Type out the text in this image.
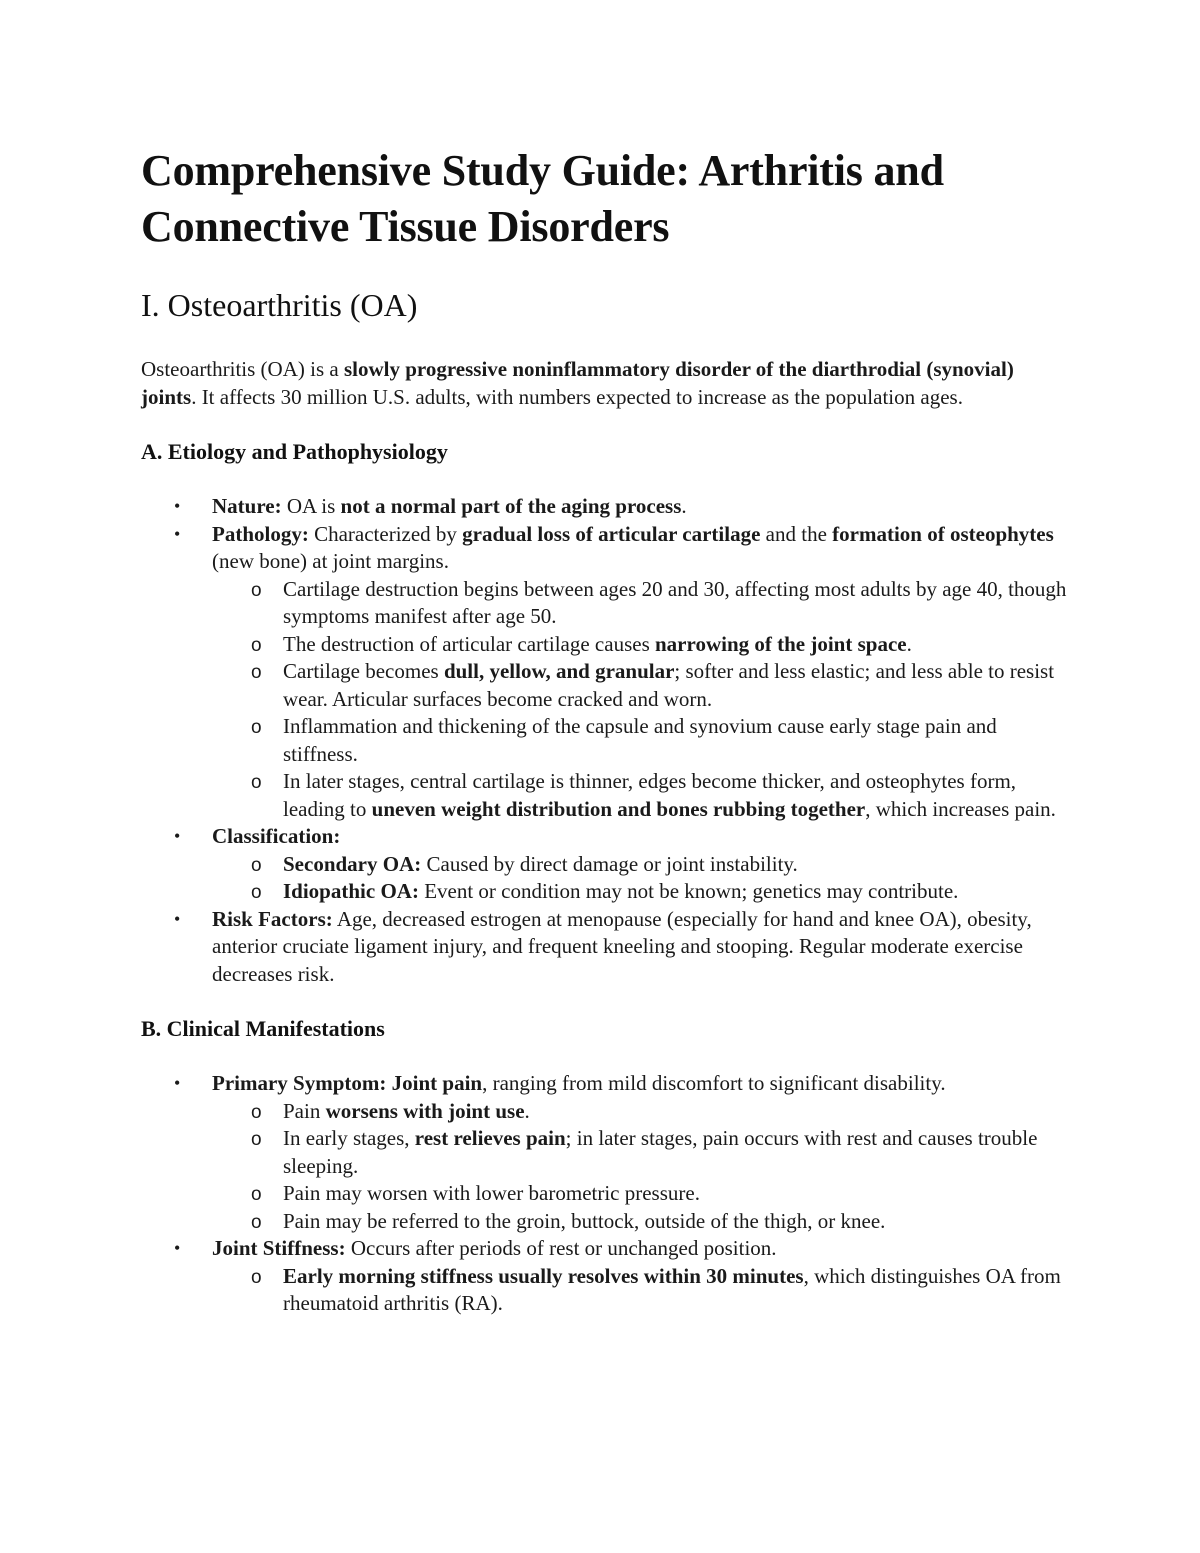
Comprehensive Study Guide: Arthritis and Connective Tissue Disorders
I. Osteoarthritis (OA)

Osteoarthritis (OA) is a slowly progressive noninflammatory disorder of the diarthrodial (synovial) joints. It affects 30 million U.S. adults, with numbers expected to increase as the population ages.

A. Etiology and Pathophysiology
• Nature: OA is not a normal part of the aging process.
• Pathology: Characterized by gradual loss of articular cartilage and the formation of osteophytes (new bone) at joint margins.
o Cartilage destruction begins between ages 20 and 30, affecting most adults by age 40, though symptoms manifest after age 50.
o The destruction of articular cartilage causes narrowing of the joint space.
o Cartilage becomes dull, yellow, and granular; softer and less elastic; and less able to resist wear. Articular surfaces become cracked and worn.
o Inflammation and thickening of the capsule and synovium cause early stage pain and stiffness.
o In later stages, central cartilage is thinner, edges become thicker, and osteophytes form, leading to uneven weight distribution and bones rubbing together, which increases pain.
• Classification:
o Secondary OA: Caused by direct damage or joint instability.
o Idiopathic OA: Event or condition may not be known; genetics may contribute.
• Risk Factors: Age, decreased estrogen at menopause (especially for hand and knee OA), obesity, anterior cruciate ligament injury, and frequent kneeling and stooping. Regular moderate exercise decreases risk.
B. Clinical Manifestations
• Primary Symptom: Joint pain, ranging from mild discomfort to significant disability.
o Pain worsens with joint use.
o In early stages, rest relieves pain; in later stages, pain occurs with rest and causes trouble sleeping.
o Pain may worsen with lower barometric pressure.
o Pain may be referred to the groin, buttock, outside of the thigh, or knee.
• Joint Stiffness: Occurs after periods of rest or unchanged position.
o Early morning stiffness usually resolves within 30 minutes, which distinguishes OA from rheumatoid arthritis (RA).
